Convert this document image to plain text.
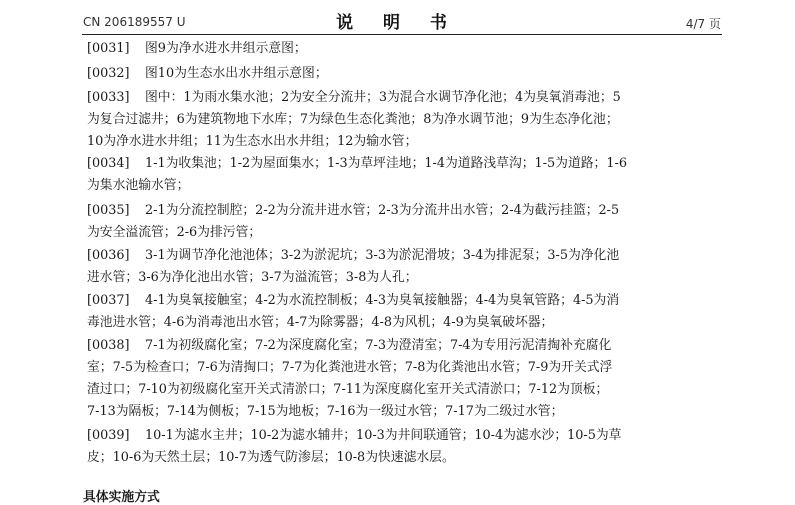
CN 206189557 U	说 明 书	4/7 页
[0031] 图9为净水进水井组示意图；
[0032] 图10为生态水出水井组示意图；
[0033] 图中：1为雨水集水池；2为安全分流井；3为混合水调节净化池；4为臭氧消毒池；5
为复合过滤井；6为建筑物地下水库；7为绿色生态化粪池；8为净水调节池；9为生态净化池；
10为净水进水井组；11为生态水出水井组；12为输水管；
[0034] 1-1为收集池；1-2为屋面集水；1-3为草坪洼地；1-4为道路浅草沟；1-5为道路；1-6
为集水池输水管；
[0035] 2-1为分流控制腔；2-2为分流井进水管；2-3为分流井出水管；2-4为截污挂篮；2-5
为安全溢流管；2-6为排污管；
[0036] 3-1为调节净化池池体；3-2为淤泥坑；3-3为淤泥滑坡；3-4为排泥泵；3-5为净化池
进水管；3-6为净化池出水管；3-7为溢流管；3-8为人孔；
[0037] 4-1为臭氧接触室；4-2为水流控制板；4-3为臭氧接触器；4-4为臭氧管路；4-5为消
毒池进水管；4-6为消毒池出水管；4-7为除雾器；4-8为风机；4-9为臭氧破坏器；
[0038] 7-1为初级腐化室；7-2为深度腐化室；7-3为澄清室；7-4为专用污泥清掏补充腐化
室；7-5为检查口；7-6为清掏口；7-7为化粪池进水管；7-8为化粪池出水管；7-9为开关式浮
渣过口；7-10为初级腐化室开关式清淤口；7-11为深度腐化室开关式清淤口；7-12为顶板；
7-13为隔板；7-14为侧板；7-15为地板；7-16为一级过水管；7-17为二级过水管；
[0039] 10-1为滤水主井；10-2为滤水辅井；10-3为井间联通管；10-4为滤水沙；10-5为草
皮；10-6为天然土层；10-7为透气防渗层；10-8为快速滤水层。
具体实施方式
